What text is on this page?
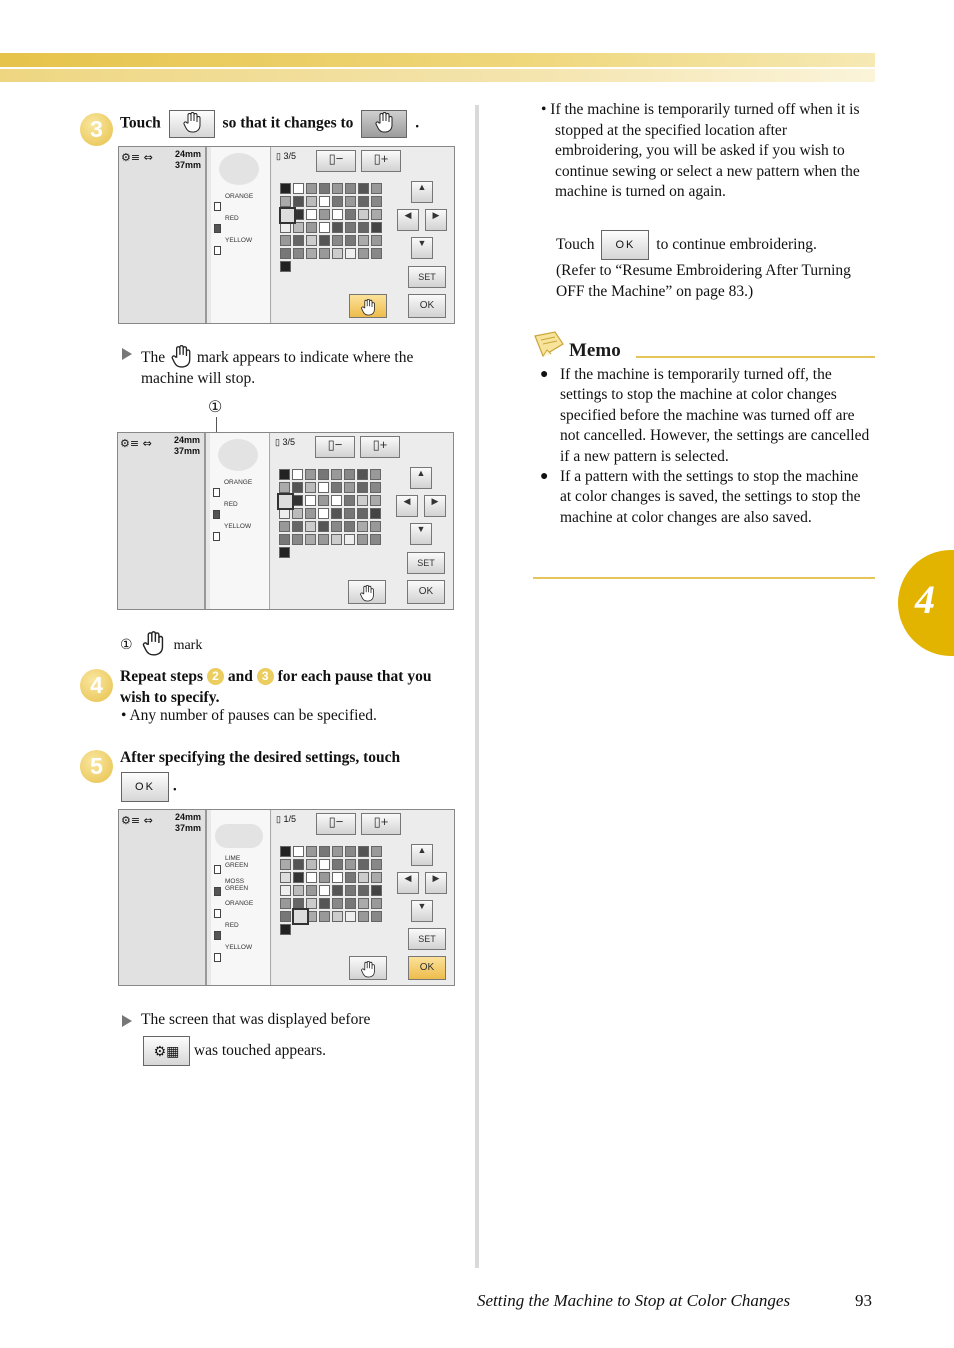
4
3	Touch	so that it changes to	.
⚙≡ ⇔ 24mm
37mm
ORANGE
RED
YELLOW
▯ 3/5	▯−	▯+
▲
◀	▶
▼
SET
OK
The mark appears to indicate where the machine will stop.
①
⚙≡ ⇔ 24mm
37mm
ORANGE
RED
YELLOW
▯ 3/5	▯−	▯+
▲
◀	▶
▼
SET
OK
①	mark
4	Repeat steps 2 and 3 for each pause that you wish to specify.
• Any number of pauses can be specified.
5	After specifying the desired settings, touch
OK .
⚙≡ ⇔ 24mm
37mm
LIME GREEN
MOSS GREEN
ORANGE
RED
YELLOW
▯ 1/5	▯−	▯+
▲
◀	▶
▼
SET
OK
The screen that was displayed before
⚙▦ was touched appears.
• If the machine is temporarily turned off when it is stopped at the specified location after embroidering, you will be asked if you wish to continue sewing or select a new pattern when the machine is turned on again.
Touch OK to continue embroidering.
(Refer to “Resume Embroidering After Turning OFF the Machine” on page 83.)
Memo
● If the machine is temporarily turned off, the settings to stop the machine at color changes specified before the machine was turned off are not cancelled. However, the settings are cancelled if a new pattern is selected.
● If a pattern with the settings to stop the machine at color changes is saved, the settings to stop the machine at color changes are also saved.
Setting the Machine to Stop at Color Changes	93
